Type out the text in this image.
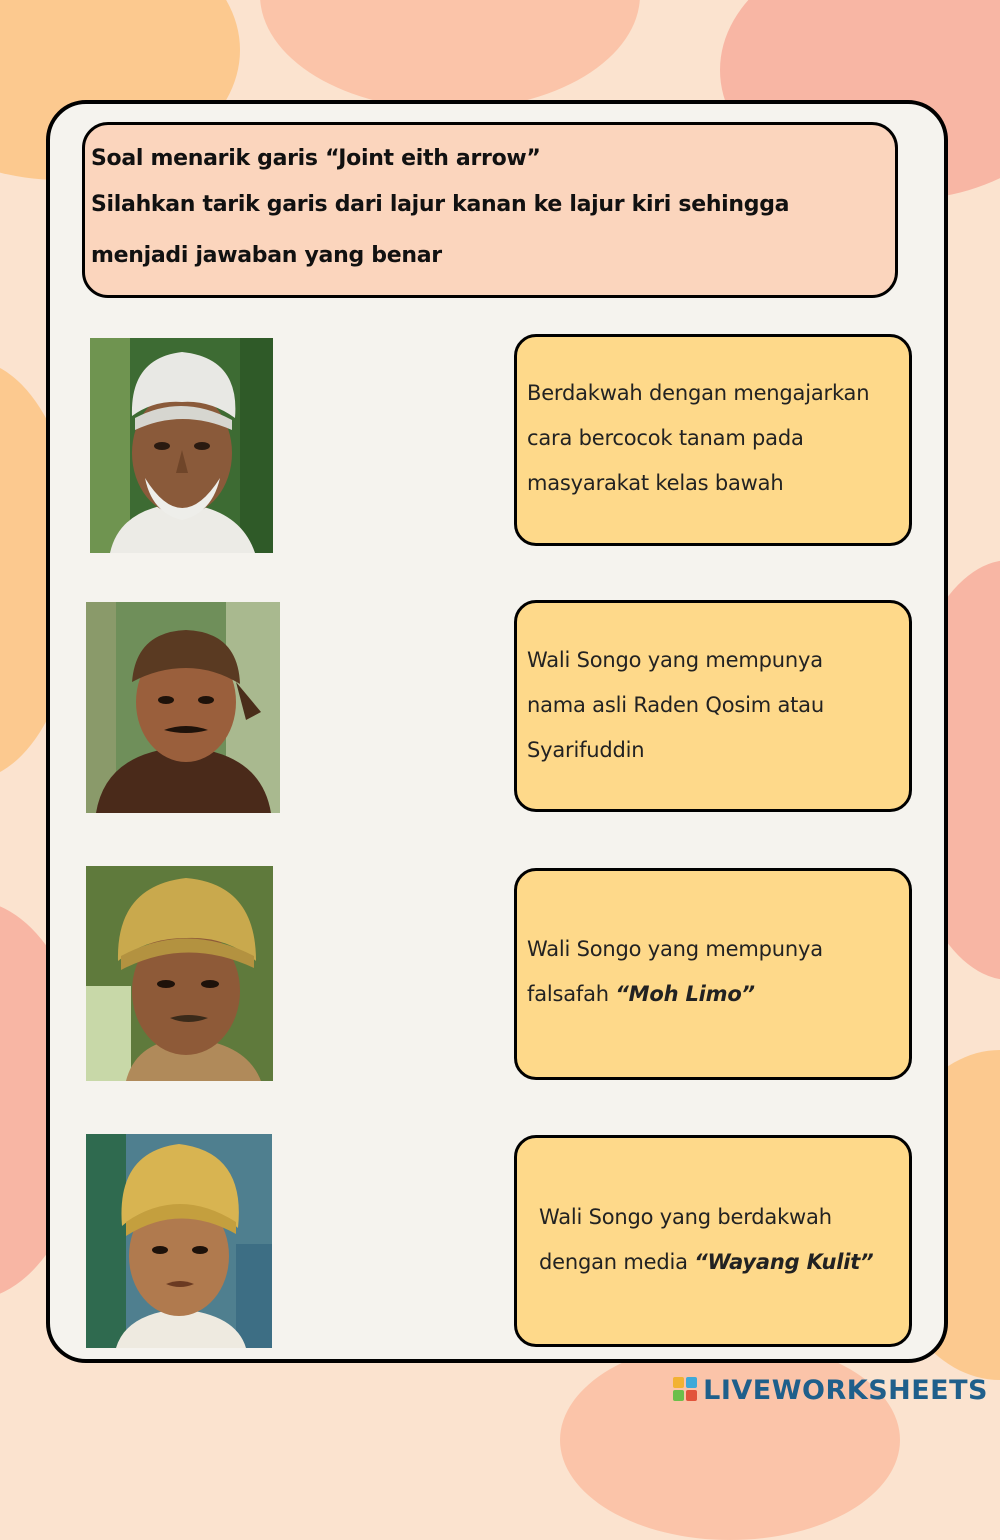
Soal menarik garis “Joint eith arrow”
Silahkan tarik garis dari lajur kanan ke lajur kiri sehingga
menjadi jawaban yang benar
Berdakwah dengan mengajarkan
cara bercocok tanam pada
masyarakat kelas bawah
Wali Songo yang mempunya
nama asli Raden Qosim atau
Syarifuddin
Wali Songo yang mempunya
falsafah “Moh Limo”
Wali Songo yang berdakwah
dengan media “Wayang Kulit”
LIVEWORKSHEETS
